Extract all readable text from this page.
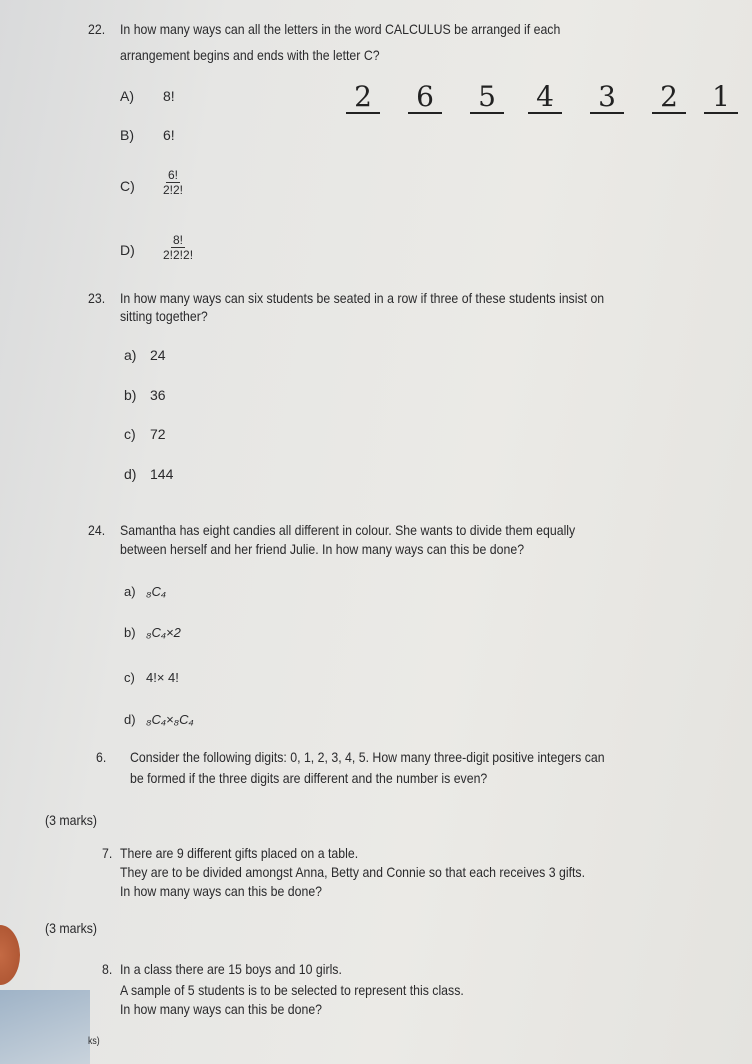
22. In how many ways can all the letters in the word CALCULUS be arranged if each
arrangement begins and ends with the letter C?
A) 8!
B) 6!
$C) \frac{6!}{2!2!}$
$D) \frac{8!}{2!2!2!}$
2 6 5 4 3 2 1
23. In how many ways can six students be seated in a row if three of these students insist on
sitting together?
a) 24
b) 36
c) 72
d) 144
24. Samantha has eight candies all different in colour. She wants to divide them equally
between herself and her friend Julie. In how many ways can this be done?
a) ₈C₄
b) ₈C₄×2
c) 4!× 4!
d) ₈C₄×₈C₄
6. Consider the following digits: 0, 1, 2, 3, 4, 5. How many three-digit positive integers can
be formed if the three digits are different and the number is even?
(3 marks)
7. There are 9 different gifts placed on a table.
They are to be divided amongst Anna, Betty and Connie so that each receives 3 gifts.
In how many ways can this be done?
(3 marks)
8. In a class there are 15 boys and 10 girls.
A sample of 5 students is to be selected to represent this class.
In how many ways can this be done?
ks)
